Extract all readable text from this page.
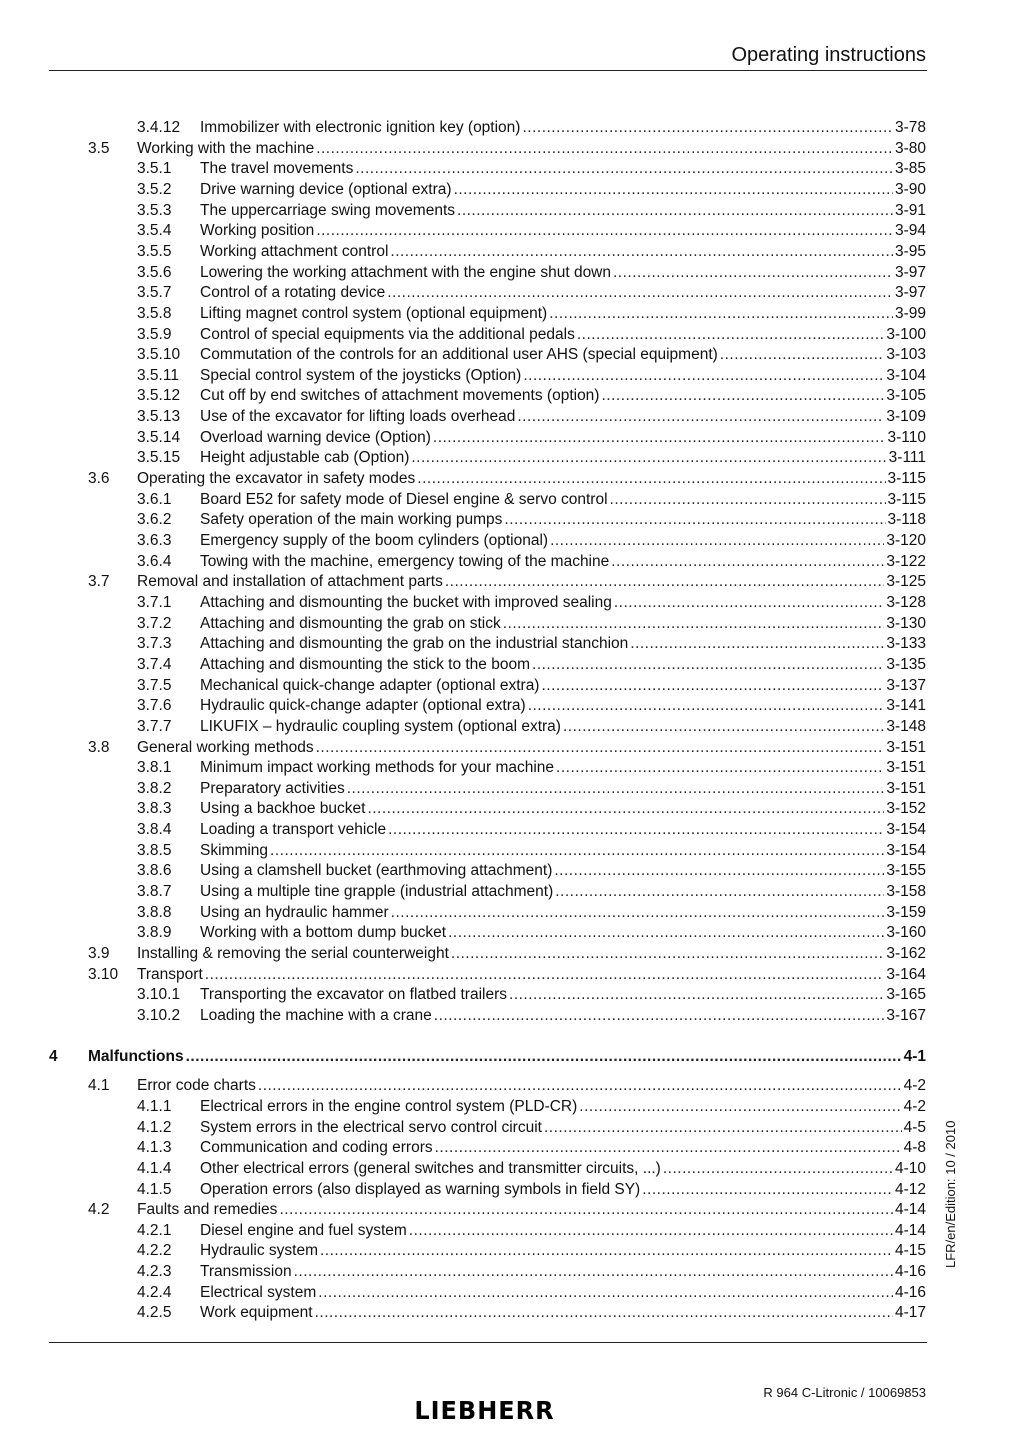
Operating instructions
3.4.12 Immobilizer with electronic ignition key (option) .....	3-78
3.5 Working with the machine .....	3-80
3.5.1 The travel movements .....	3-85
3.5.2 Drive warning device (optional extra) .....	3-90
3.5.3 The uppercarriage swing movements .....	3-91
3.5.4 Working position .....	3-94
3.5.5 Working attachment control .....	3-95
3.5.6 Lowering the working attachment with the engine shut down .....	3-97
3.5.7 Control of a rotating device .....	3-97
3.5.8 Lifting magnet control system (optional equipment) .....	3-99
3.5.9 Control of special equipments via the additional pedals .....	3-100
3.5.10 Commutation of the controls for an additional user AHS (special equipment) .....	3-103
3.5.11 Special control system of the joysticks (Option) .....	3-104
3.5.12 Cut off by end switches of attachment movements (option) .....	3-105
3.5.13 Use of the excavator for lifting loads overhead .....	3-109
3.5.14 Overload warning device (Option) .....	3-110
3.5.15 Height adjustable cab (Option) .....	3-111
3.6 Operating the excavator in safety modes .....	3-115
3.6.1 Board E52 for safety mode of Diesel engine & servo control .....	3-115
3.6.2 Safety operation of the main working pumps .....	3-118
3.6.3 Emergency supply of the boom cylinders (optional) .....	3-120
3.6.4 Towing with the machine, emergency towing of the machine .....	3-122
3.7 Removal and installation of attachment parts .....	3-125
3.7.1 Attaching and dismounting the bucket with improved sealing .....	3-128
3.7.2 Attaching and dismounting the grab on stick .....	3-130
3.7.3 Attaching and dismounting the grab on the industrial stanchion .....	3-133
3.7.4 Attaching and dismounting the stick to the boom .....	3-135
3.7.5 Mechanical quick-change adapter (optional extra) .....	3-137
3.7.6 Hydraulic quick-change adapter (optional extra) .....	3-141
3.7.7 LIKUFIX – hydraulic coupling system (optional extra) .....	3-148
3.8 General working methods .....	3-151
3.8.1 Minimum impact working methods for your machine .....	3-151
3.8.2 Preparatory activities .....	3-151
3.8.3 Using a backhoe bucket .....	3-152
3.8.4 Loading a transport vehicle .....	3-154
3.8.5 Skimming .....	3-154
3.8.6 Using a clamshell bucket (earthmoving attachment) .....	3-155
3.8.7 Using a multiple tine grapple (industrial attachment) .....	3-158
3.8.8 Using an hydraulic hammer .....	3-159
3.8.9 Working with a bottom dump bucket .....	3-160
3.9 Installing & removing the serial counterweight .....	3-162
3.10 Transport .....	3-164
3.10.1 Transporting the excavator on flatbed trailers .....	3-165
3.10.2 Loading the machine with a crane .....	3-167
4 Malfunctions .....	4-1
4.1 Error code charts .....	4-2
4.1.1 Electrical errors in the engine control system (PLD-CR) .....	4-2
4.1.2 System errors in the electrical servo control circuit .....	4-5
4.1.3 Communication and coding errors .....	4-8
4.1.4 Other electrical errors (general switches and transmitter circuits, ...) .....	4-10
4.1.5 Operation errors (also displayed as warning symbols in field SY) .....	4-12
4.2 Faults and remedies .....	4-14
4.2.1 Diesel engine and fuel system .....	4-14
4.2.2 Hydraulic system .....	4-15
4.2.3 Transmission .....	4-16
4.2.4 Electrical system .....	4-16
4.2.5 Work equipment .....	4-17
LFR/en/Edition: 10 / 2010
LIEBHERR
R 964 C-Litronic / 10069853
